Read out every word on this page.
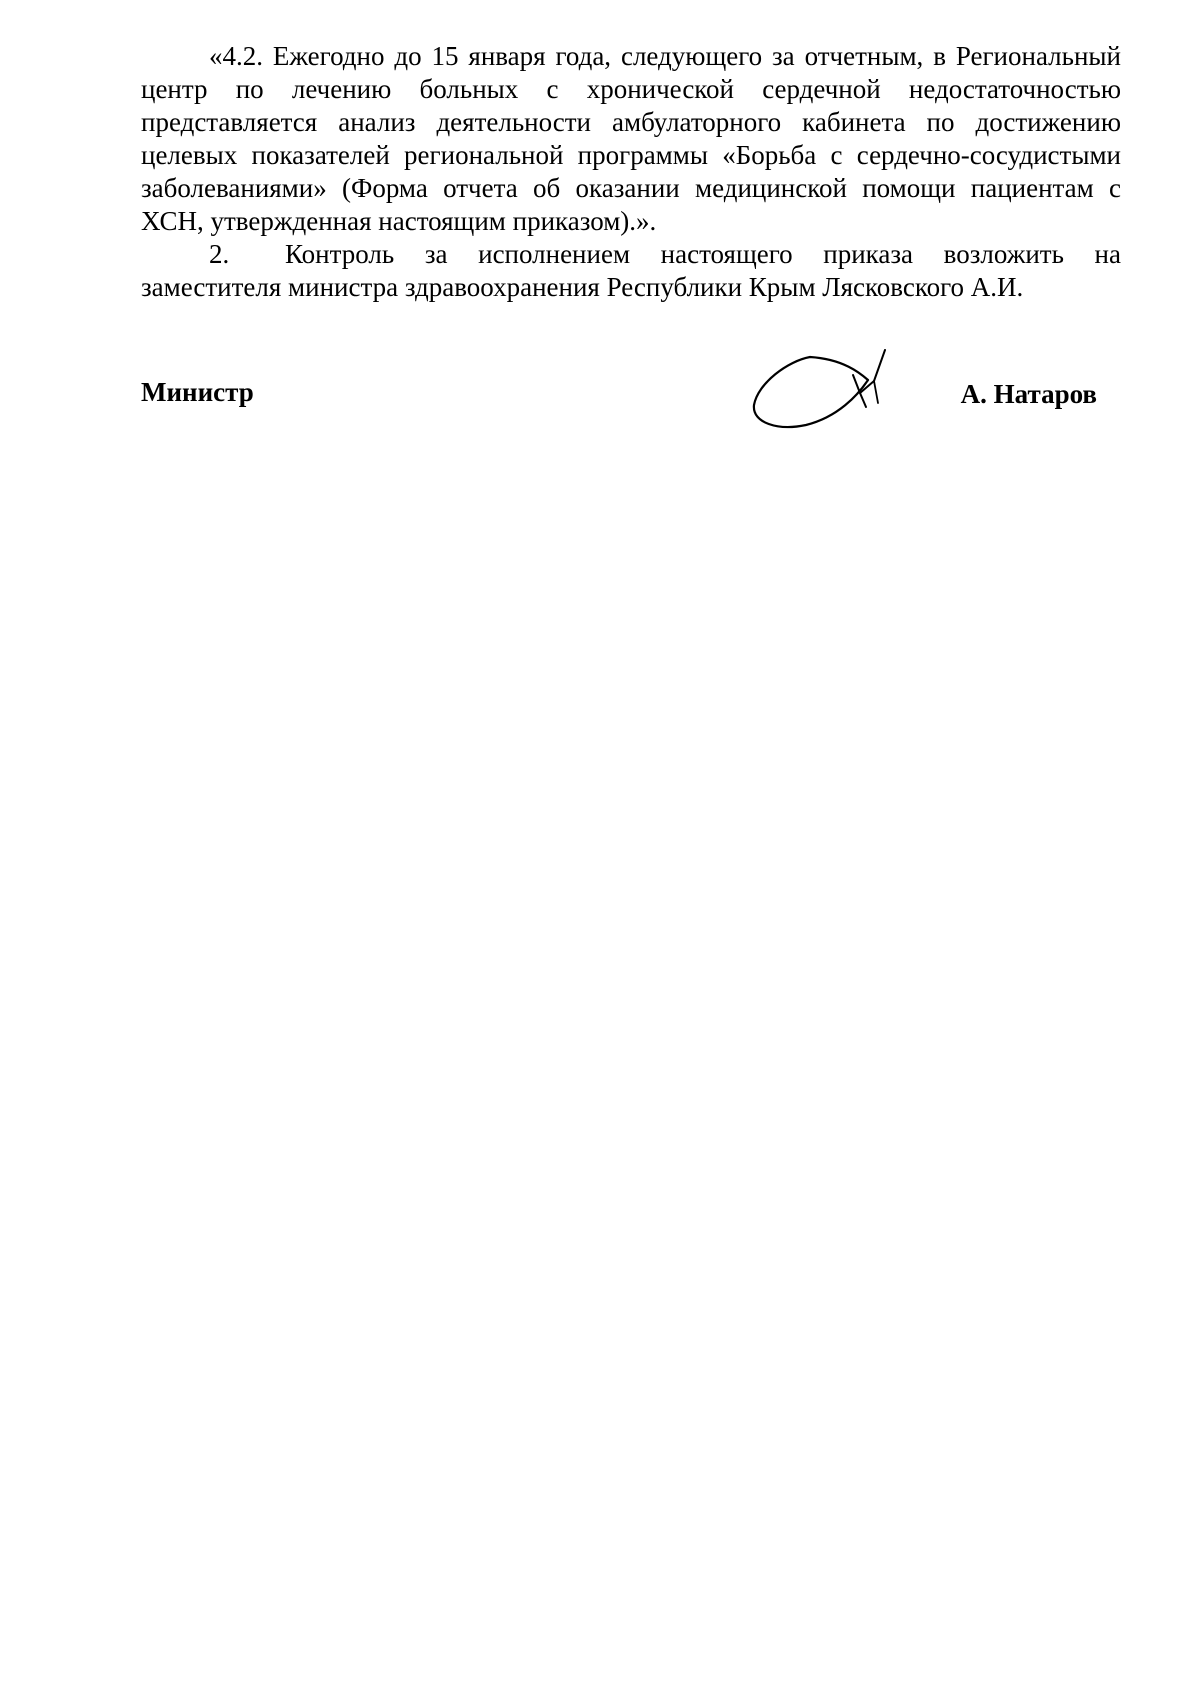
«4.2. Ежегодно до 15 января года, следующего за отчетным, в Региональный центр по лечению больных с хронической сердечной недостаточностью представляется анализ деятельности амбулаторного кабинета по достижению целевых показателей региональной программы «Борьба с сердечно-сосудистыми заболеваниями» (Форма отчета об оказании медицинской помощи пациентам с ХСН, утвержденная настоящим приказом).».

2. Контроль за исполнением настоящего приказа возложить на заместителя министра здравоохранения Республики Крым Лясковского А.И.

Министр	А. Натаров
